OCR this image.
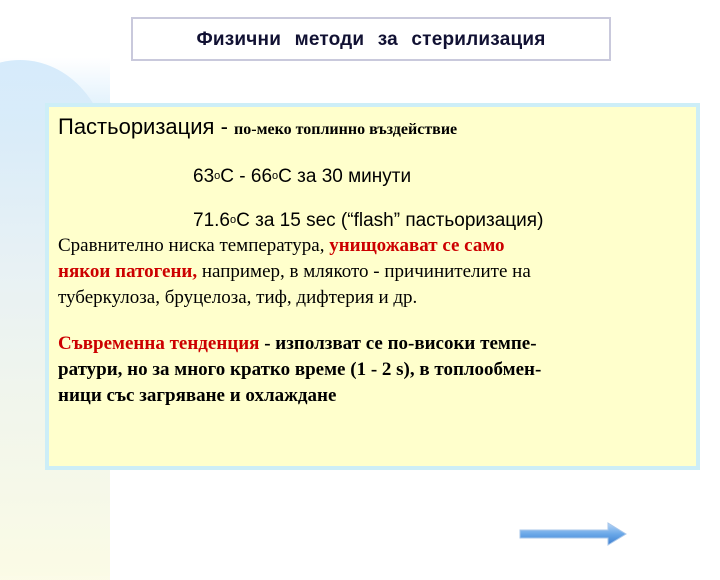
Физични методи за стерилизация
Пастьоризация - по-меко топлинно въздействие
63$^o$C - 66$^o$C за 30 минути
71.6$^o$C за 15 sec (“flash” пастьоризация)
Сравнително ниска температура, унищожават се само
някои патогени, например, в млякото - причинителите на
туберкулоза, бруцелоза, тиф, дифтерия и др.
Съвременна тенденция - използват се по-високи темпе-
ратури, но за много кратко време (1 - 2 s), в топлообмен-
ници със загряване и охлаждане
